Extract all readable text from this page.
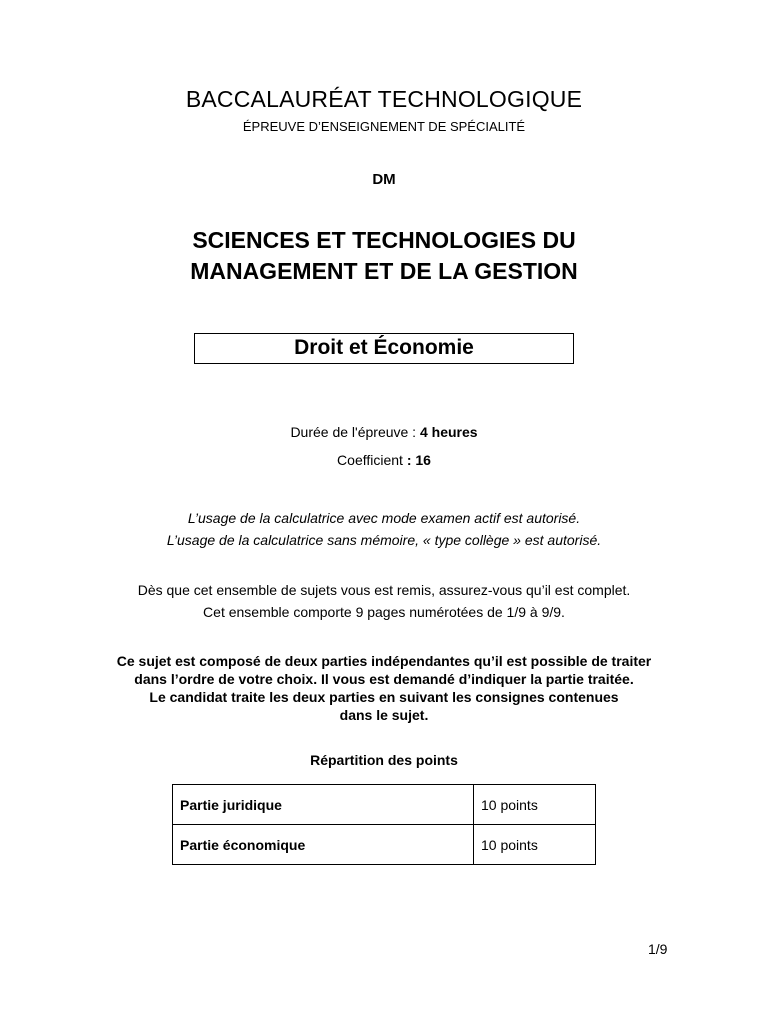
BACCALAURÉAT TECHNOLOGIQUE
ÉPREUVE D’ENSEIGNEMENT DE SPÉCIALITÉ
DM
SCIENCES ET TECHNOLOGIES DU
MANAGEMENT ET DE LA GESTION
Droit et Économie
Durée de l'épreuve : 4 heures
Coefficient : 16
L’usage de la calculatrice avec mode examen actif est autorisé.
L’usage de la calculatrice sans mémoire, « type collège » est autorisé.
Dès que cet ensemble de sujets vous est remis, assurez-vous qu’il est complet.
Cet ensemble comporte 9 pages numérotées de 1/9 à 9/9.
Ce sujet est composé de deux parties indépendantes qu’il est possible de traiter
dans l’ordre de votre choix. Il vous est demandé d’indiquer la partie traitée.
Le candidat traite les deux parties en suivant les consignes contenues
dans le sujet.
Répartition des points
Partie juridique	10 points
Partie économique	10 points
1/9
